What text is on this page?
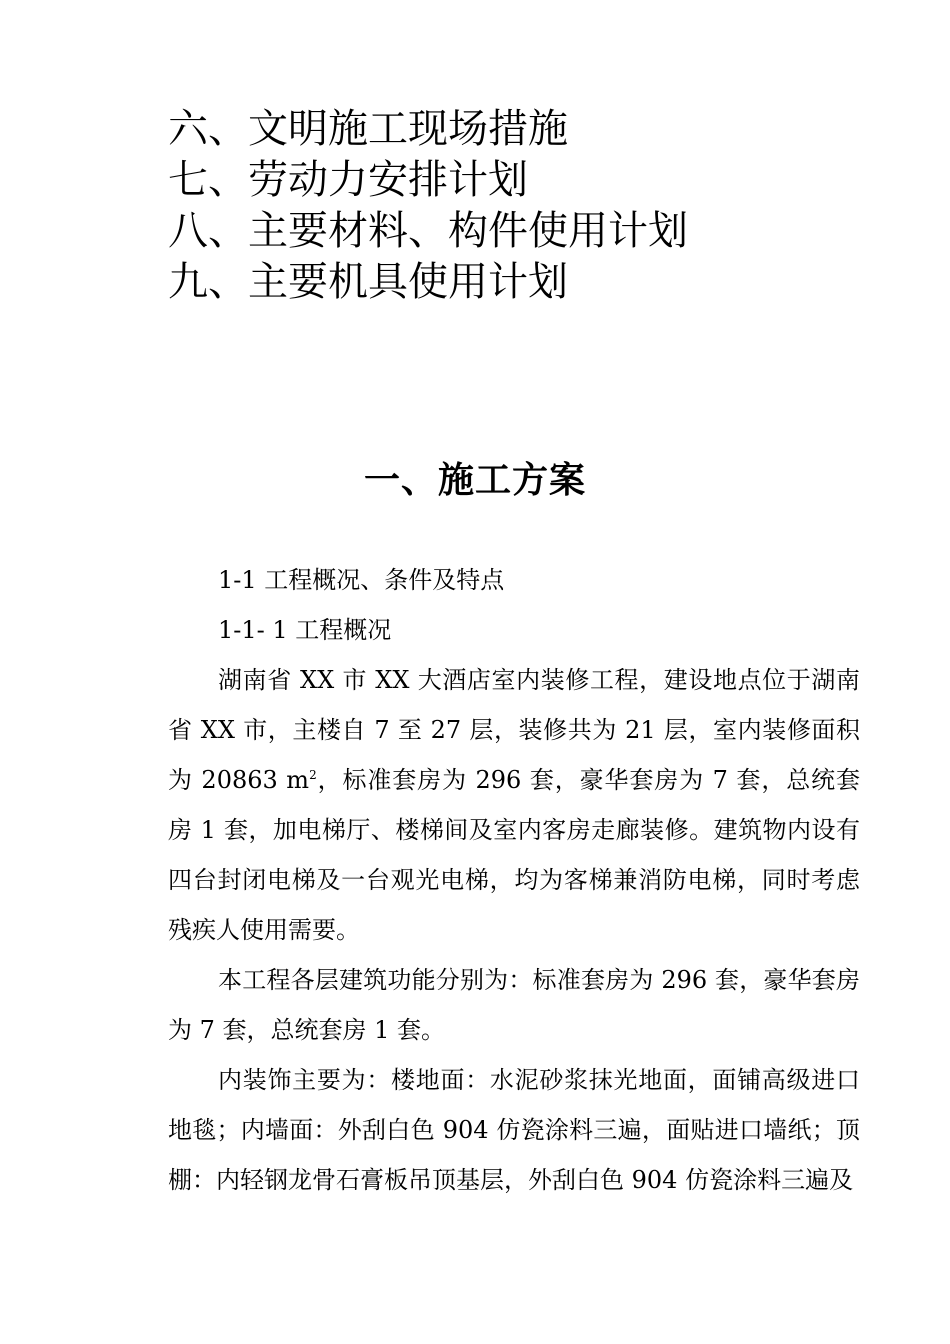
六、文明施工现场措施
七、劳动力安排计划
八、主要材料、构件使用计划
九、主要机具使用计划
一、施工方案
1-1 工程概况、条件及特点
1-1- 1 工程概况

湖南省 XX 市 XX 大酒店室内装修工程，建设地点位于湖南省 XX 市，主楼自 7 至 27 层，装修共为 21 层，室内装修面积为 20863 $m^2$，标准套房为 296 套，豪华套房为 7 套，总统套房 1 套，加电梯厅、楼梯间及室内客房走廊装修。建筑物内设有四台封闭电梯及一台观光电梯，均为客梯兼消防电梯，同时考虑残疾人使用需要。

本工程各层建筑功能分别为：标准套房为 296 套，豪华套房为 7 套，总统套房 1 套。

内装饰主要为：楼地面：水泥砂浆抹光地面，面铺高级进口地毯；内墙面：外刮白色 904 仿瓷涂料三遍，面贴进口墙纸；顶棚：内轻钢龙骨石膏板吊顶基层，外刮白色 904 仿瓷涂料三遍及
